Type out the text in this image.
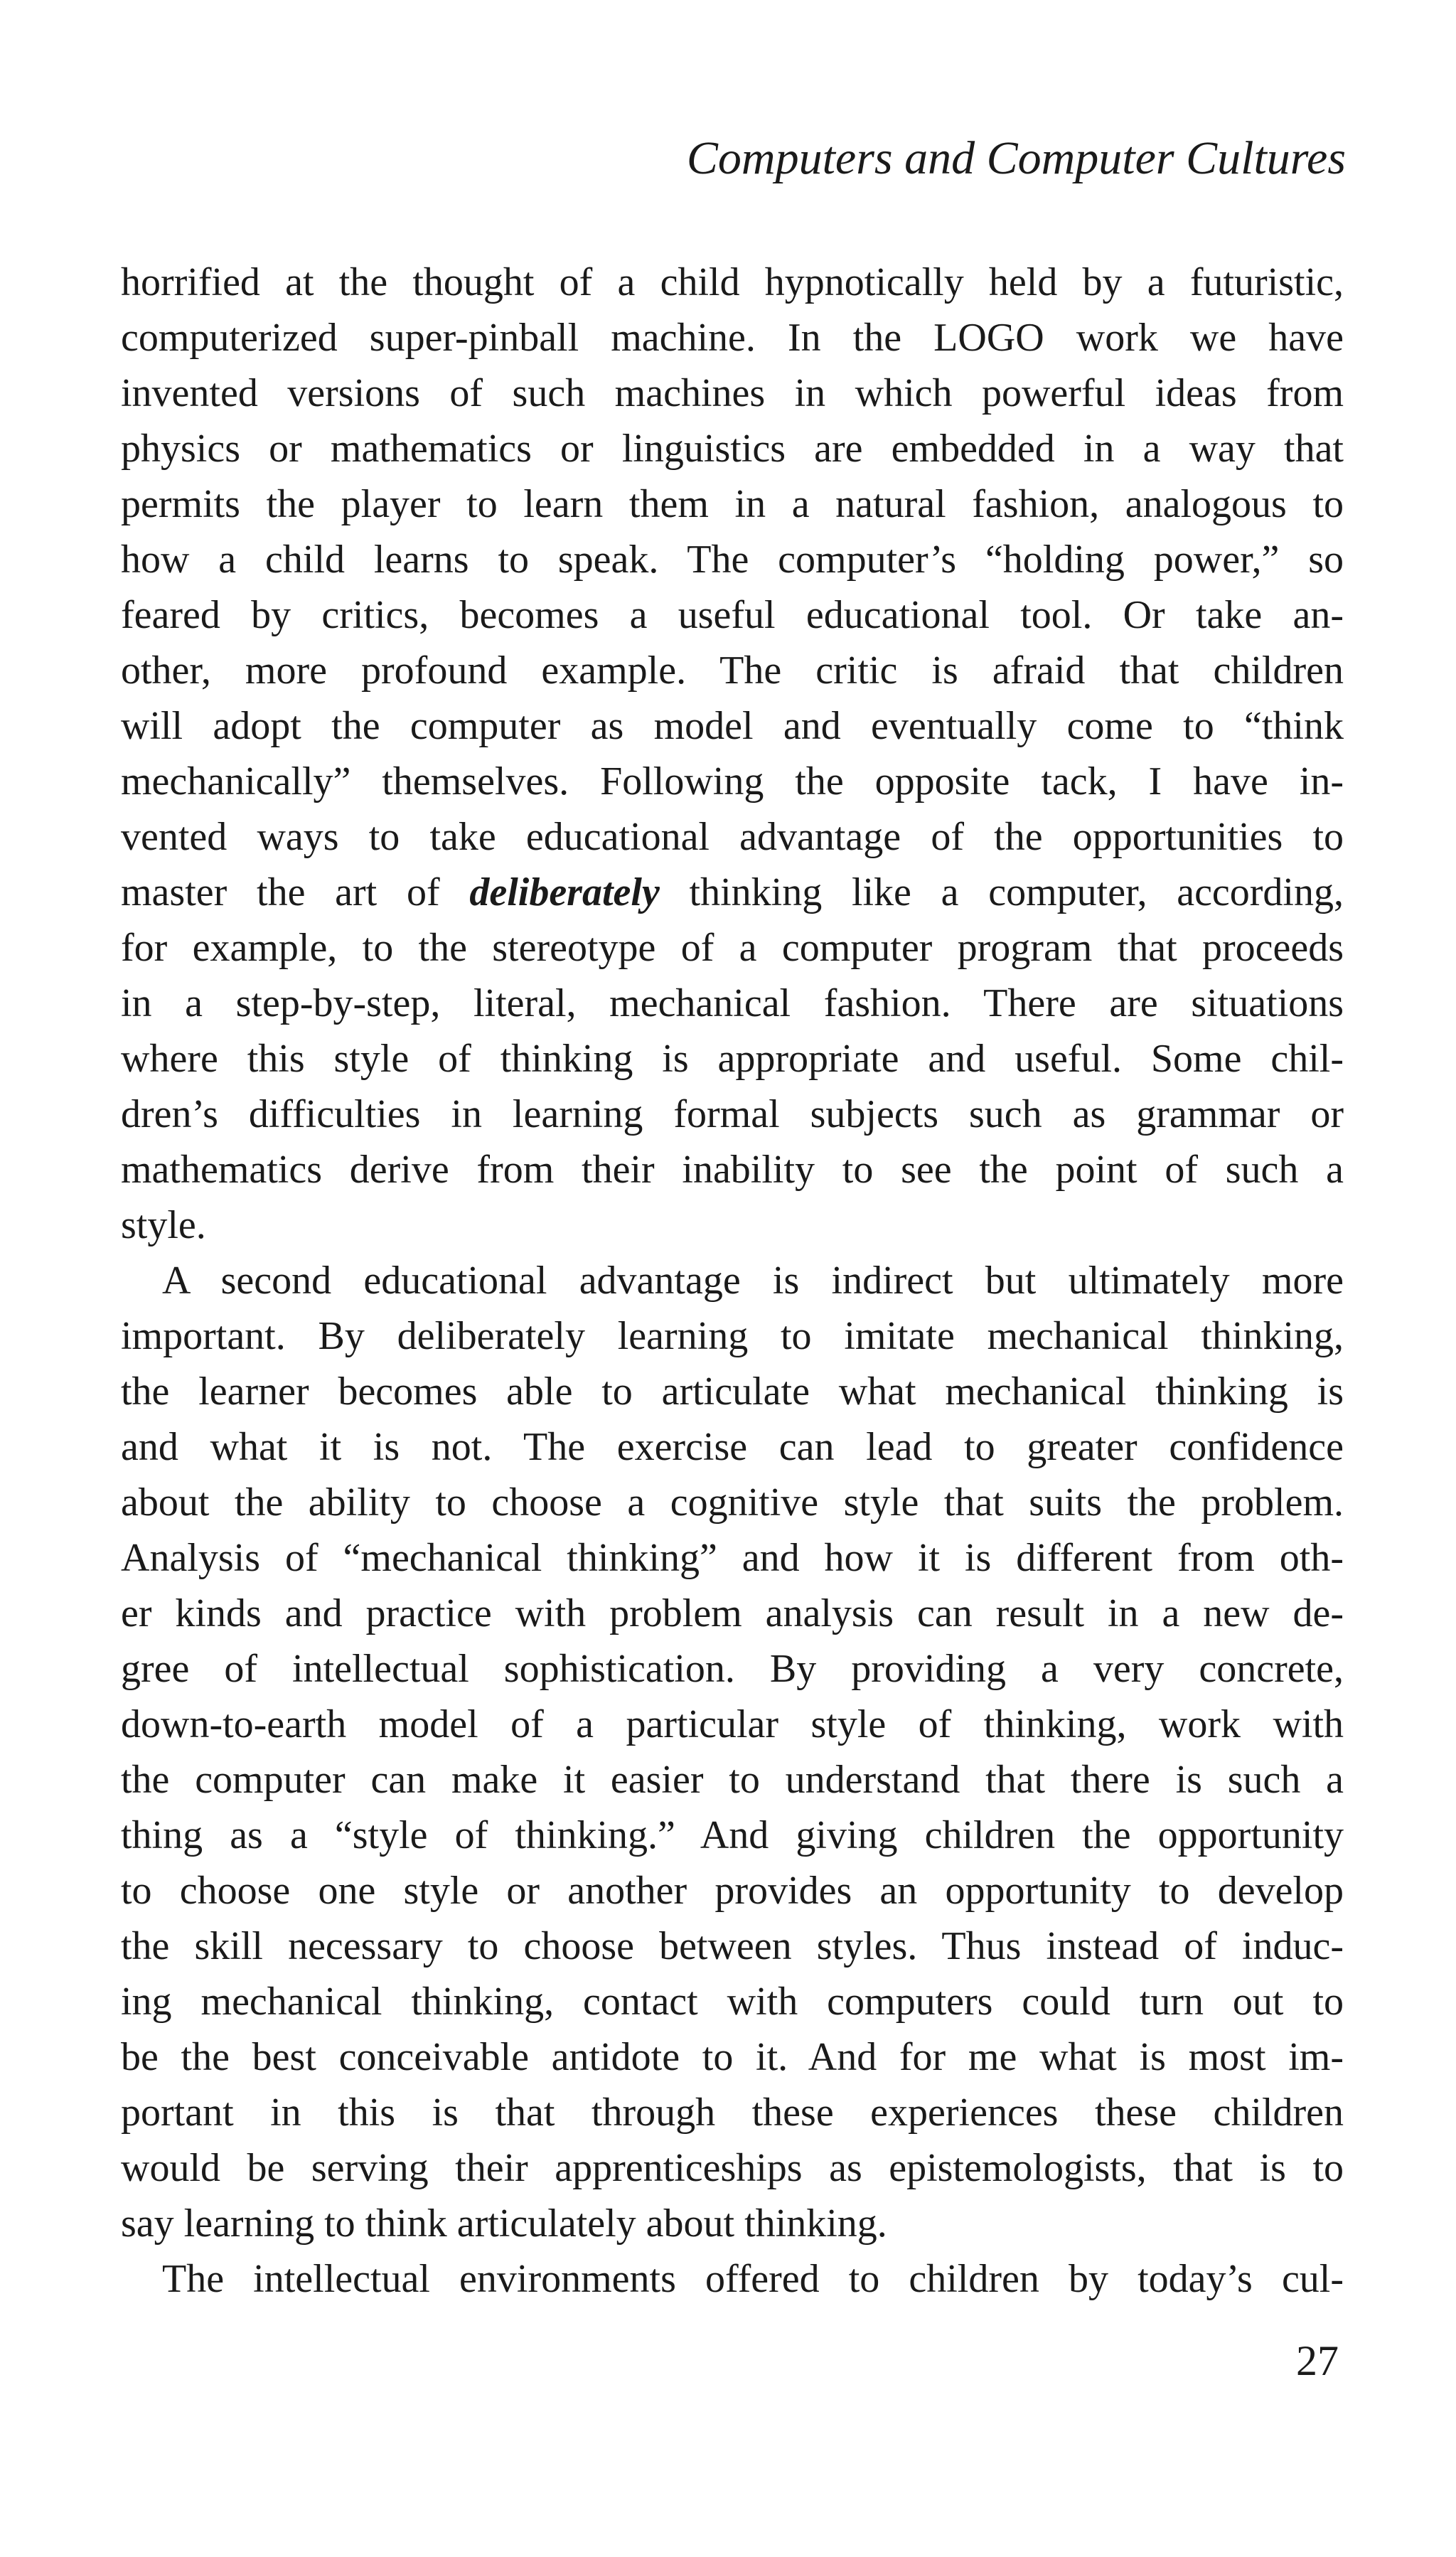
Computers and Computer Cultures
horrified at the thought of a child hypnotically held by a futuristic,
computerized super-pinball machine. In the LOGO work we have
invented versions of such machines in which powerful ideas from
physics or mathematics or linguistics are embedded in a way that
permits the player to learn them in a natural fashion, analogous to
how a child learns to speak. The computer’s “holding power,” so
feared by critics, becomes a useful educational tool. Or take an-
other, more profound example. The critic is afraid that children
will adopt the computer as model and eventually come to “think
mechanically” themselves. Following the opposite tack, I have in-
vented ways to take educational advantage of the opportunities to
master the art of deliberately thinking like a computer, according,
for example, to the stereotype of a computer program that proceeds
in a step-by-step, literal, mechanical fashion. There are situations
where this style of thinking is appropriate and useful. Some chil-
dren’s difficulties in learning formal subjects such as grammar or
mathematics derive from their inability to see the point of such a
style.
A second educational advantage is indirect but ultimately more
important. By deliberately learning to imitate mechanical thinking,
the learner becomes able to articulate what mechanical thinking is
and what it is not. The exercise can lead to greater confidence
about the ability to choose a cognitive style that suits the problem.
Analysis of “mechanical thinking” and how it is different from oth-
er kinds and practice with problem analysis can result in a new de-
gree of intellectual sophistication. By providing a very concrete,
down-to-earth model of a particular style of thinking, work with
the computer can make it easier to understand that there is such a
thing as a “style of thinking.” And giving children the opportunity
to choose one style or another provides an opportunity to develop
the skill necessary to choose between styles. Thus instead of induc-
ing mechanical thinking, contact with computers could turn out to
be the best conceivable antidote to it. And for me what is most im-
portant in this is that through these experiences these children
would be serving their apprenticeships as epistemologists, that is to
say learning to think articulately about thinking.
The intellectual environments offered to children by today’s cul-
27
